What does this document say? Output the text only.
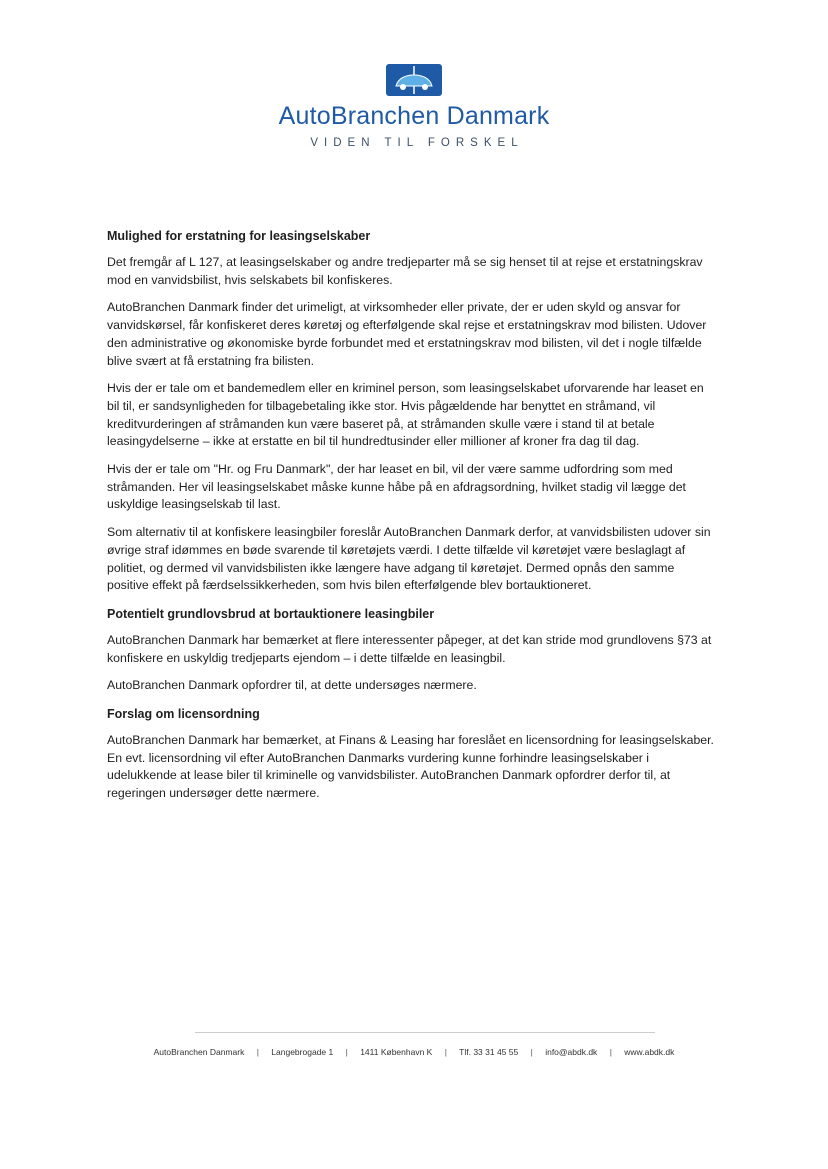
AutoBranchen Danmark
VIDEN TIL FORSKEL
Mulighed for erstatning for leasingselskaber

Det fremgår af L 127, at leasingselskaber og andre tredjeparter må se sig henset til at rejse et erstatningskrav mod en vanvidsbilist, hvis selskabets bil konfiskeres.

AutoBranchen Danmark finder det urimeligt, at virksomheder eller private, der er uden skyld og ansvar for vanvidskørsel, får konfiskeret deres køretøj og efterfølgende skal rejse et erstatningskrav mod bilisten. Udover den administrative og økonomiske byrde forbundet med et erstatningskrav mod bilisten, vil det i nogle tilfælde blive svært at få erstatning fra bilisten.

Hvis der er tale om et bandemedlem eller en kriminel person, som leasingselskabet uforvarende har leaset en bil til, er sandsynligheden for tilbagebetaling ikke stor. Hvis pågældende har benyttet en stråmand, vil kreditvurderingen af stråmanden kun være baseret på, at stråmanden skulle være i stand til at betale leasingydelserne – ikke at erstatte en bil til hundredtusinder eller millioner af kroner fra dag til dag.

Hvis der er tale om "Hr. og Fru Danmark", der har leaset en bil, vil der være samme udfordring som med stråmanden. Her vil leasingselskabet måske kunne håbe på en afdragsordning, hvilket stadig vil lægge det uskyldige leasingselskab til last.

Som alternativ til at konfiskere leasingbiler foreslår AutoBranchen Danmark derfor, at vanvidsbilisten udover sin øvrige straf idømmes en bøde svarende til køretøjets værdi. I dette tilfælde vil køretøjet være beslaglagt af politiet, og dermed vil vanvidsbilisten ikke længere have adgang til køretøjet. Dermed opnås den samme positive effekt på færdselssikkerheden, som hvis bilen efterfølgende blev bortauktioneret.

Potentielt grundlovsbrud at bortauktionere leasingbiler

AutoBranchen Danmark har bemærket at flere interessenter påpeger, at det kan stride mod grundlovens §73 at konfiskere en uskyldig tredjeparts ejendom – i dette tilfælde en leasingbil.

AutoBranchen Danmark opfordrer til, at dette undersøges nærmere.

Forslag om licensordning

AutoBranchen Danmark har bemærket, at Finans & Leasing har foreslået en licensordning for leasingselskaber. En evt. licensordning vil efter AutoBranchen Danmarks vurdering kunne forhindre leasingselskaber i udelukkende at lease biler til kriminelle og vanvidsbilister. AutoBranchen Danmark opfordrer derfor til, at regeringen undersøger dette nærmere.

AutoBranchen Danmark | Langebrogade 1 | 1411 København K | Tlf. 33 31 45 55 | info@abdk.dk | www.abdk.dk
